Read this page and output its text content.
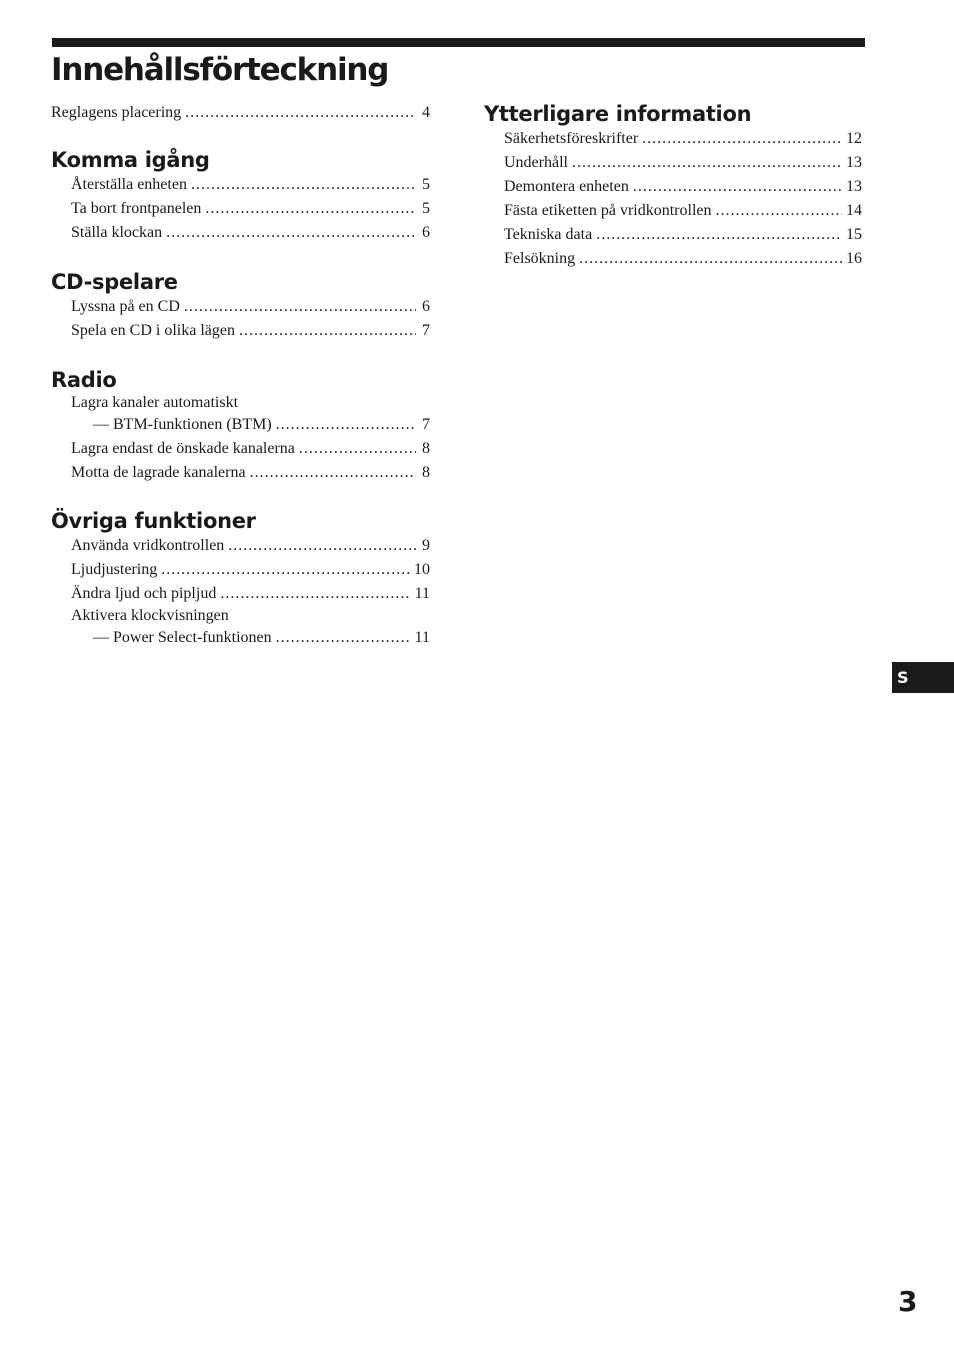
Innehållsförteckning
Reglagens placering .....	4
Komma igång
Återställa enheten .....	5
Ta bort frontpanelen .....	5
Ställa klockan .....	6
CD-spelare
Lyssna på en CD .....	6
Spela en CD i olika lägen .....	7
Radio
Lagra kanaler automatiskt
— BTM-funktionen (BTM) .....	7
Lagra endast de önskade kanalerna .....	8
Motta de lagrade kanalerna .....	8
Övriga funktioner
Använda vridkontrollen .....	9
Ljudjustering .....	10
Ändra ljud och pipljud .....	11
Aktivera klockvisningen
— Power Select-funktionen .....	11
Ytterligare information
Säkerhetsföreskrifter .....	12
Underhåll .....	13
Demontera enheten .....	13
Fästa etiketten på vridkontrollen .....	14
Tekniska data .....	15
Felsökning .....	16
S
3
